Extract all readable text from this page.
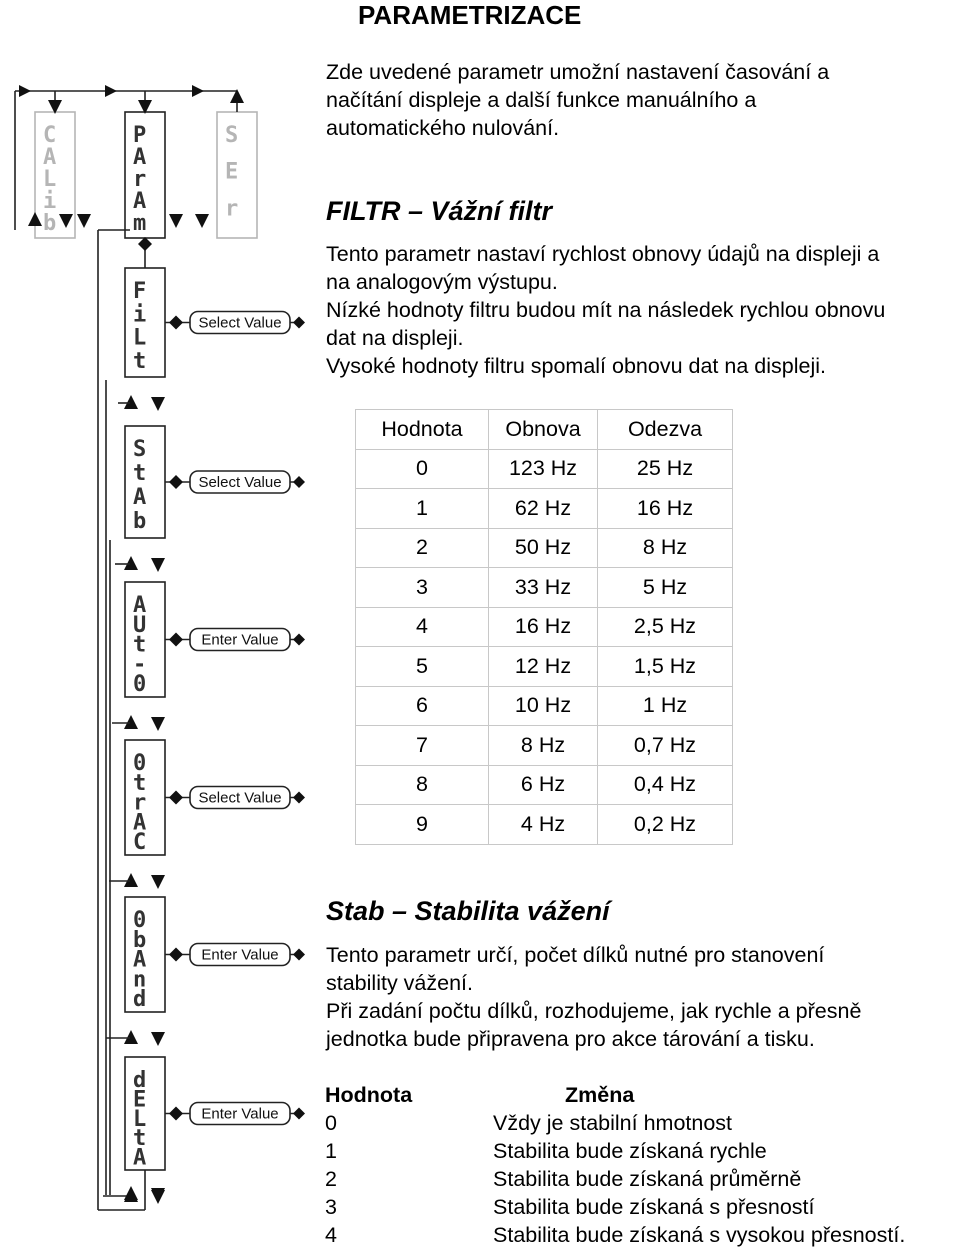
C
A
L
i
b
P
A
r
A
m
S
E
r
F
i
L
t
Select Value
S
t
A
b
Select Value
A
U
t
-
0
Enter Value
0
t
r
A
C
Select Value
0
b
A
n
d
Enter Value
d
E
L
t
A
Enter Value
PARAMETRIZACE
Zde uvedené parametr umožní nastavení časování a
načítání displeje a další funkce manuálního a
automatického nulování.
FILTR – Vážní filtr
Tento parametr nastaví rychlost obnovy údajů na displeji a
na analogovým výstupu.
Nízké hodnoty filtru budou mít na následek rychlou obnovu
dat na displeji.
Vysoké hodnoty filtru spomalí obnovu dat na displeji.
Hodnota	Obnova	Odezva
0	123 Hz	25 Hz
1	62 Hz	16 Hz
2	50 Hz	8 Hz
3	33 Hz	5 Hz
4	16 Hz	2,5 Hz
5	12 Hz	1,5 Hz
6	10 Hz	1 Hz
7	8 Hz	0,7 Hz
8	6 Hz	0,4 Hz
9	4 Hz	0,2 Hz
Stab – Stabilita vážení
Tento parametr určí, počet dílků nutné pro stanovení
stability vážení.
Při zadání počtu dílků, rozhodujeme, jak rychle a přesně
jednotka bude připravena pro akce tárování a tisku.
Hodnota	Změna
0	Vždy je stabilní hmotnost
1	Stabilita bude získaná rychle
2	Stabilita bude získaná průměrně
3	Stabilita bude získaná s přesností
4	Stabilita bude získaná s vysokou přesností.
